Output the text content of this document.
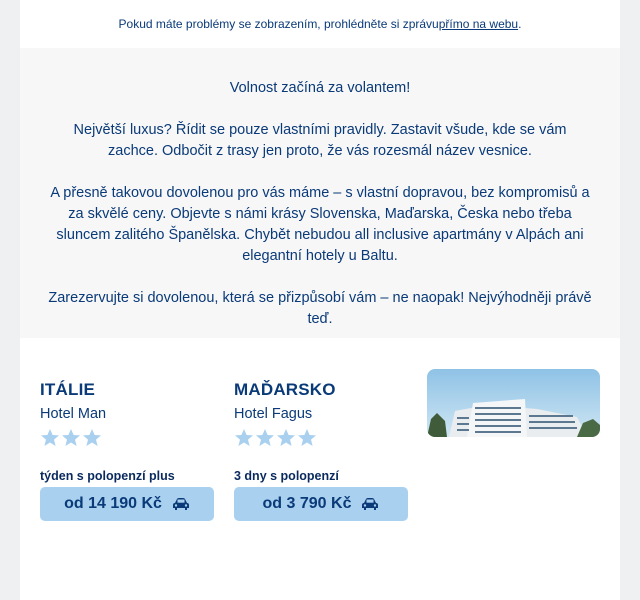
Pokud máte problémy se zobrazením, prohlédněte si zprávu přímo na webu .

Volnost začíná za volantem!

Největší luxus? Řídit se pouze vlastními pravidly. Zastavit všude, kde se vám zachce. Odbočit z trasy jen proto, že vás rozesmál název vesnice.

A přesně takovou dovolenou pro vás máme – s vlastní dopravou, bez kompromisů a za skvělé ceny. Objevte s námi krásy Slovenska, Maďarska, Česka nebo třeba sluncem zalitého Španělska. Chybět nebudou all inclusive apartmány v Alpách ani elegantní hotely u Baltu.

Zarezervujte si dovolenou, která se přizpůsobí vám – ne naopak! Nejvýhodněji právě teď.

ITÁLIE
Hotel Man
týden s polopenzí plus
od 14 190 Kč
MAĎARSKO
Hotel Fagus
3 dny s polopenzí
od 3 790 Kč
